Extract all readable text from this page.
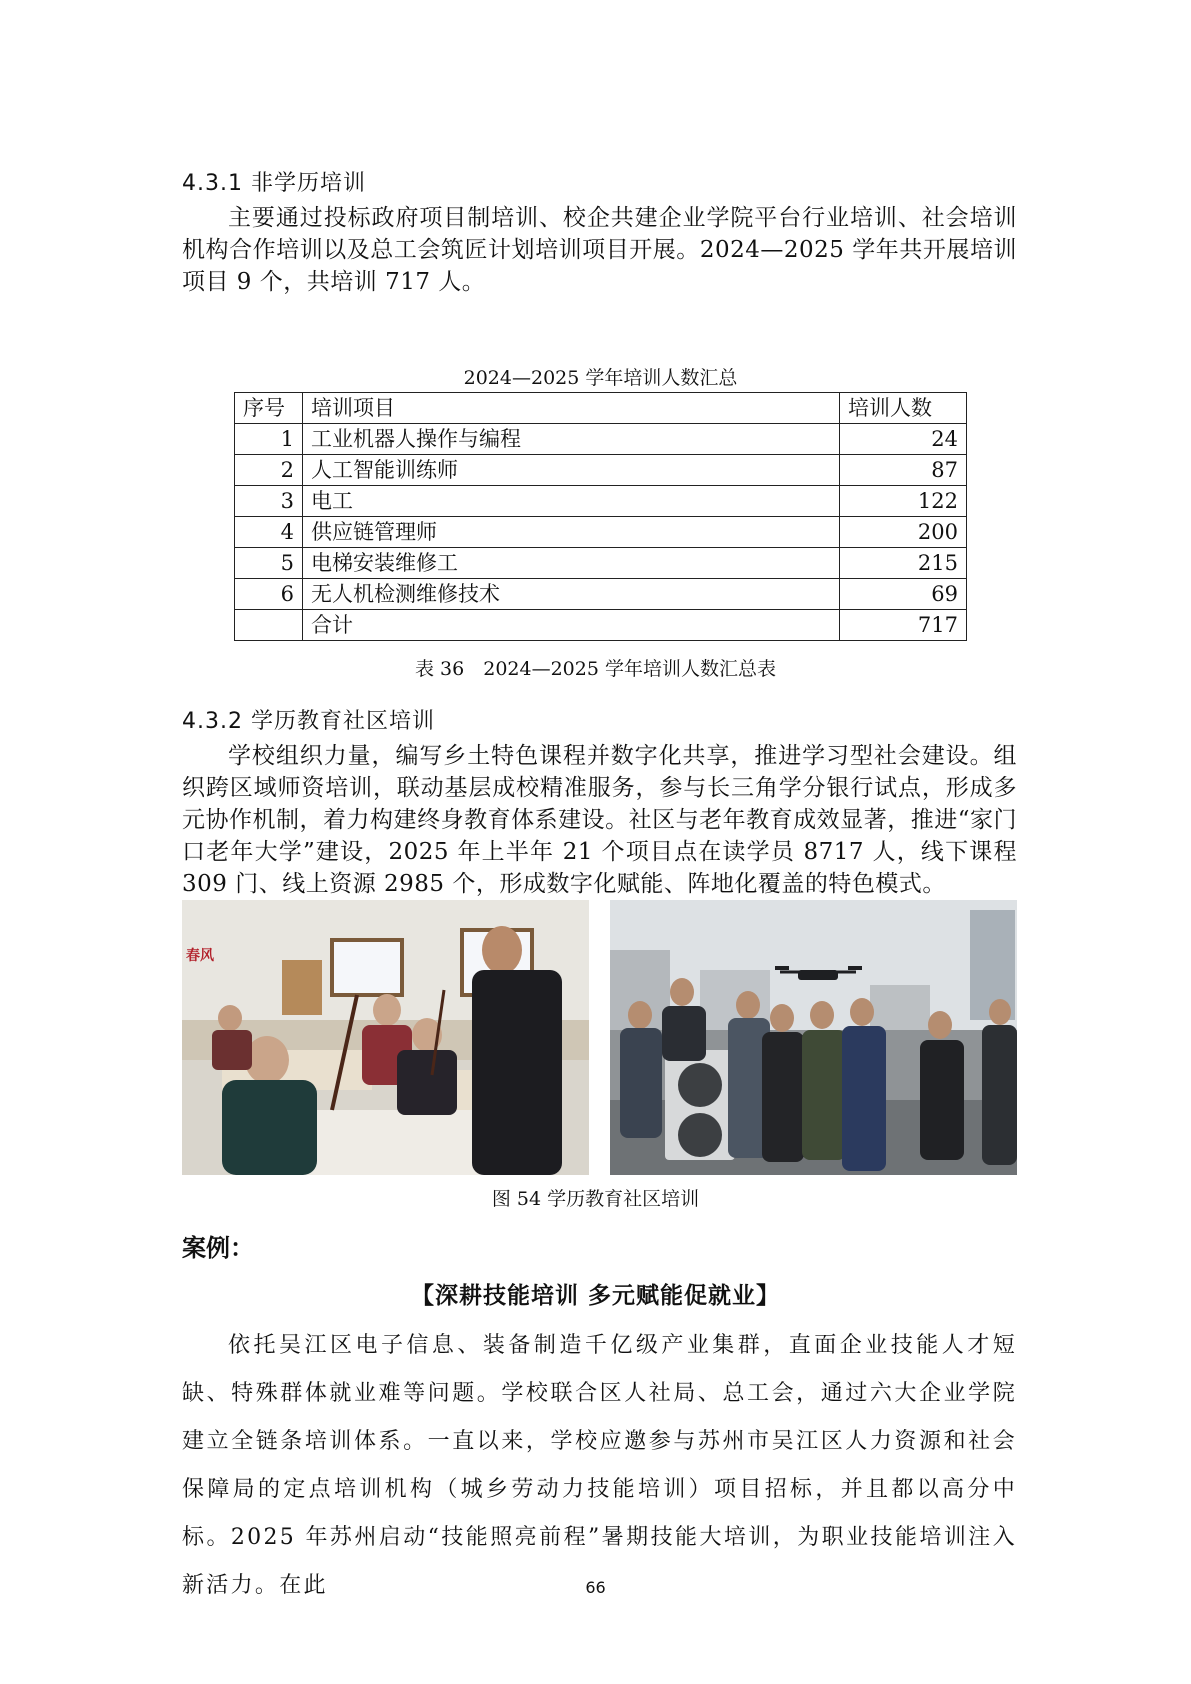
4.3.1 非学历培训

主要通过投标政府项目制培训、校企共建企业学院平台行业培训、社会培训机构合作培训以及总工会筑匠计划培训项目开展。2024—2025 学年共开展培训项目 9 个，共培训 717 人。

2024—2025 学年培训人数汇总
序号	培训项目	培训人数
1	工业机器人操作与编程	24
2	人工智能训练师	87
3	电工	122
4	供应链管理师	200
5	电梯安装维修工	215
6	无人机检测维修技术	69
	合计	717
表 36　2024—2025 学年培训人数汇总表
4.3.2 学历教育社区培训

学校组织力量，编写乡土特色课程并数字化共享，推进学习型社会建设。组织跨区域师资培训，联动基层成校精准服务，参与长三角学分银行试点，形成多元协作机制，着力构建终身教育体系建设。社区与老年教育成效显著，推进“家门口老年大学”建设，2025 年上半年 21 个项目点在读学员 8717 人，线下课程 309 门、线上资源 2985 个，形成数字化赋能、阵地化覆盖的特色模式。

春风
图 54 学历教育社区培训
案例：
【深耕技能培训 多元赋能促就业】

依托吴江区电子信息、装备制造千亿级产业集群，直面企业技能人才短缺、特殊群体就业难等问题。学校联合区人社局、总工会，通过六大企业学院建立全链条培训体系。一直以来，学校应邀参与苏州市吴江区人力资源和社会保障局的定点培训机构（城乡劳动力技能培训）项目招标，并且都以高分中标。2025 年苏州启动“技能照亮前程”暑期技能大培训，为职业技能培训注入新活力。在此	66
